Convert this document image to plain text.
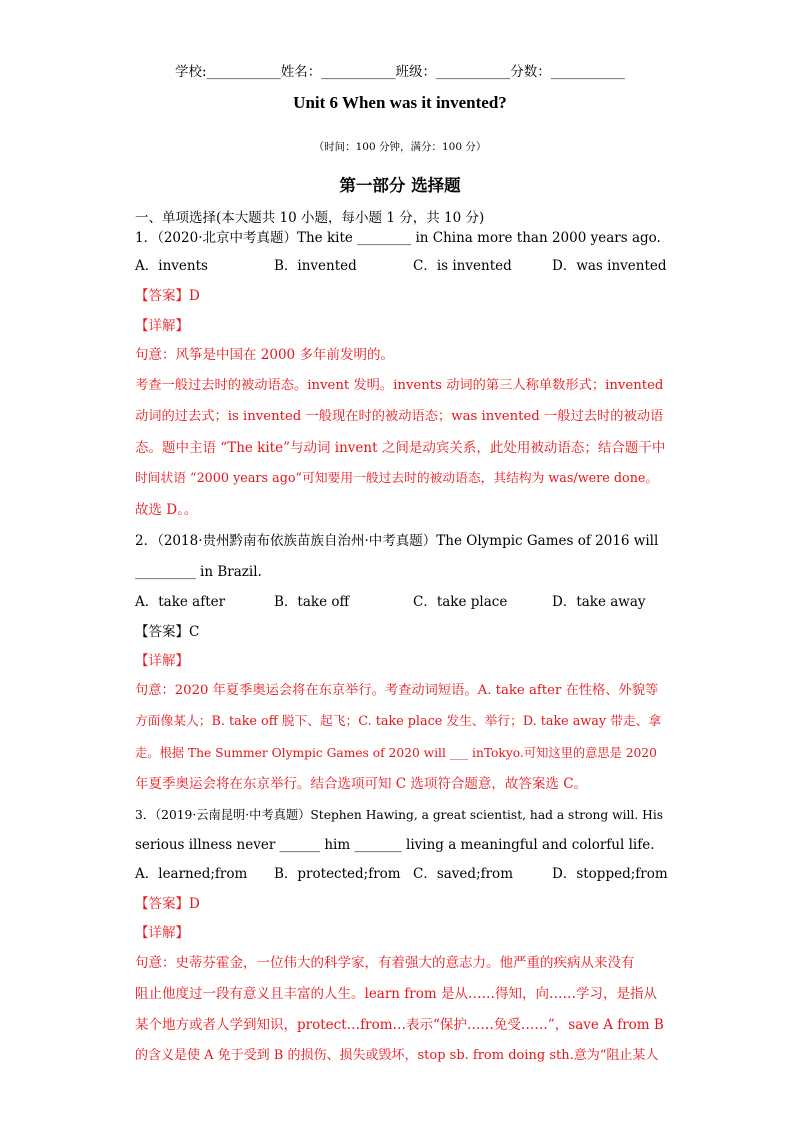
学校:___________姓名：___________班级：___________分数：___________
Unit 6 When was it invented?
（时间：100 分钟，满分：100 分）
第一部分 选择题
一、单项选择(本大题共 10 小题，每小题 1 分，共 10 分)
1．（2020·北京中考真题）The kite ________ in China more than 2000 years ago.
A．invents	B．invented	C．is invented	D．was invented
【答案】D
【详解】
句意：风筝是中国在 2000 多年前发明的。
考查一般过去时的被动语态。invent 发明。invents 动词的第三人称单数形式；invented
动词的过去式；is invented 一般现在时的被动语态；was invented 一般过去时的被动语
态。题中主语 “The kite”与动词 invent 之间是动宾关系，此处用被动语态；结合题干中
时间状语 “2000 years ago”可知要用一般过去时的被动语态，其结构为 was/were done。
故选 D。。
2．（2018·贵州黔南布依族苗族自治州·中考真题）The Olympic Games of 2016 will
_________ in Brazil.
A．take after	B．take off	C．take place	D．take away
【答案】C
【详解】
句意：2020 年夏季奥运会将在东京举行。考查动词短语。A. take after 在性格、外貌等
方面像某人；B. take off 脱下、起飞；C. take place 发生、举行；D. take away 带走、拿
走。根据 The Summer Olympic Games of 2020 will ___ inTokyo.可知这里的意思是 2020
年夏季奥运会将在东京举行。结合选项可知 C 选项符合题意，故答案选 C。
3．（2019·云南昆明·中考真题）Stephen Hawing, a great scientist, had a strong will. His
serious illness never ______ him _______ living a meaningful and colorful life.
A．learned;from B．protected;from C．saved;from	D．stopped;from
【答案】D
【详解】
句意：史蒂芬霍金，一位伟大的科学家，有着强大的意志力。他严重的疾病从来没有
阻止他度过一段有意义且丰富的人生。learn from 是从……得知，向……学习，是指从
某个地方或者人学到知识，protect…from…表示“保护……免受……”，save A from B
的含义是使 A 免于受到 B 的损伤、损失或毁坏，stop sb. from doing sth.意为“阻止某人
